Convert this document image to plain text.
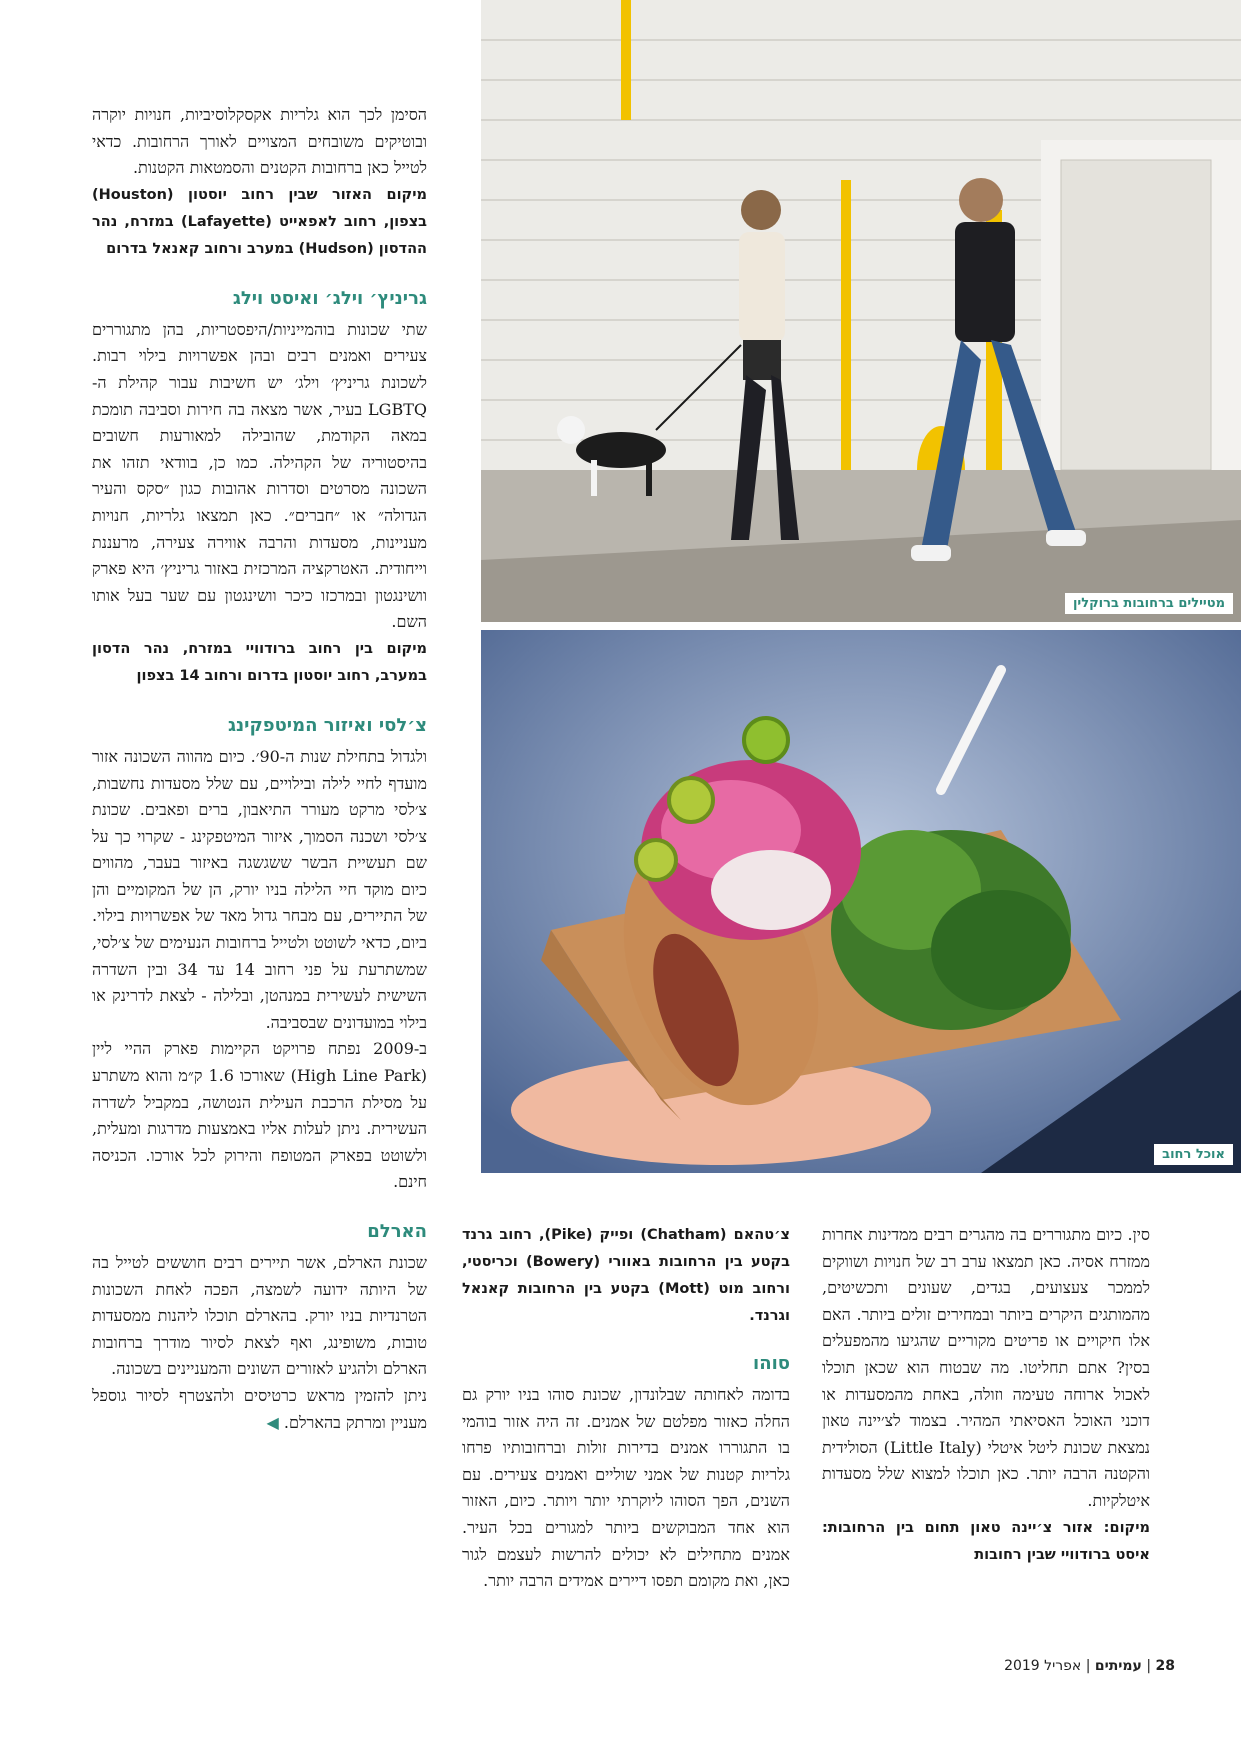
הסימן לכך הוא גלריות אקסקלוסיביות, חנויות יוקרה ובוטיקים משובחים המצויים לאורך הרחובות. כדאי לטייל כאן ברחובות הקטנים והסמטאות הקטנות.

מיקום האזור שבין רחוב יוסטון (Houston) בצפון, רחוב לאפאייט (Lafayette) במזרח, נהר ההדסון (Hudson) במערב ורחוב קאנאל בדרום

גריניץ׳ וילג׳ ואיסט וילג

שתי שכונות בוהמייניות/היפסטריות, בהן מתגוררים צעירים ואמנים רבים ובהן אפשרויות בילוי רבות. לשכונת גריניץ׳ וילג׳ יש חשיבות עבור קהילת ה-LGBTQ בעיר, אשר מצאה בה חירות וסביבה תומכת במאה הקודמת, שהובילה למאורעות חשובים בהיסטוריה של הקהילה. כמו כן, בוודאי תזהו את השכונה מסרטים וסדרות אהובות כגון ״סקס והעיר הגדולה״ או ״חברים״. כאן תמצאו גלריות, חנויות מעניינות, מסעדות והרבה אווירה צעירה, מרעננת וייחודית. האטרקציה המרכזית באזור גריניץ׳ היא פארק וושינגטון ובמרכזו כיכר וושינגטון עם שער בעל אותו השם.

מיקום בין רחוב ברודוויי במזרח, נהר הדסון במערב, רחוב יוסטון בדרום ורחוב 14 בצפון

צ׳לסי ואיזור המיטפקינג

ולגדול בתחילת שנות ה-90׳. כיום מהווה השכונה אזור מועדף לחיי לילה ובילויים, עם שלל מסעדות נחשבות, צ׳לסי מרקט מעורר התיאבון, ברים ופאבים. שכונת צ׳לסי ושכנה הסמוך, איזור המיטפקינג - שקרוי כך על שם תעשיית הבשר ששגשגה באיזור בעבר, מהווים כיום מוקד חיי הלילה בניו יורק, הן של המקומיים והן של התיירים, עם מבחר גדול מאד של אפשרויות בילוי. ביום, כדאי לשוטט ולטייל ברחובות הנעימים של צ׳לסי, שמשתרעת על פני רחוב 14 עד 34 ובין השדרה השישית לעשירית במנהטן, ובלילה - לצאת לדרינק או בילוי במועדונים שבסביבה.

ב-2009 נפתח פרויקט הקיימות פארק ההיי ליין (High Line Park) שאורכו 1.6 ק״מ והוא משתרע על מסילת הרכבת העילית הנטושה, במקביל לשדרה העשירית. ניתן לעלות אליו באמצעות מדרגות ומעלית, ולשוטט בפארק המטופח והירוק לכל אורכו. הכניסה חינם.

הארלם

שכונת הארלם, אשר תיירים רבים חוששים לטייל בה של היותה ידועה לשמצה, הפכה לאחת השכונות הטרנדיות בניו יורק. בהארלם תוכלו ליהנות ממסעדות טובות, משופינג, ואף לצאת לסיור מודרך ברחובות הארלם ולהגיע לאזורים השונים והמעניינים בשכונה.

ניתן להזמין מראש כרטיסים ולהצטרף לסיור גוספל מעניין ומרתק בהארלם. ◀

מטיילים ברחובות ברוקלין
אוכל רחוב

צ׳טהאם (Chatham) ופייק (Pike), רחוב גרנד בקטע בין הרחובות באוורי (Bowery) וכריסטי, ורחוב מוט (Mott) בקטע בין הרחובות קאנאל וגרנד.

סוהו

בדומה לאחותה שבלונדון, שכונת סוהו בניו יורק גם החלה כאזור מפלטם של אמנים. זה היה אזור בוהמי בו התגוררו אמנים בדירות זולות וברחובותיו פרחו גלריות קטנות של אמני שוליים ואמנים צעירים. עם השנים, הפך הסוהו ליוקרתי יותר ויותר. כיום, האזור הוא אחד המבוקשים ביותר למגורים בכל העיר. אמנים מתחילים לא יכולים להרשות לעצמם לגור כאן, ואת מקומם תפסו דיירים אמידים הרבה יותר.

סין. כיום מתגוררים בה מהגרים רבים ממדינות אחרות ממזרח אסיה. כאן תמצאו ערב רב של חנויות ושווקים לממכר צעצועים, בגדים, שעונים ותכשיטים, מהמותגים היקרים ביותר ובמחירים זולים ביותר. האם אלו חיקויים או פריטים מקוריים שהגיעו מהמפעלים בסין? אתם תחליטו. מה שבטוח הוא שכאן תוכלו לאכול ארוחה טעימה וזולה, באחת מהמסעדות או דוכני האוכל האסיאתי המהיר. בצמוד לצ׳יינה טאון נמצאת שכונת ליטל איטלי (Little Italy) הסולידית והקטנה הרבה יותר. כאן תוכלו למצוא שלל מסעדות איטלקיות.

מיקום: אזור צ׳יינה טאון תחום בין הרחובות: איסט ברודוויי שבין רחובות

28 | עמיתים | אפריל 2019
